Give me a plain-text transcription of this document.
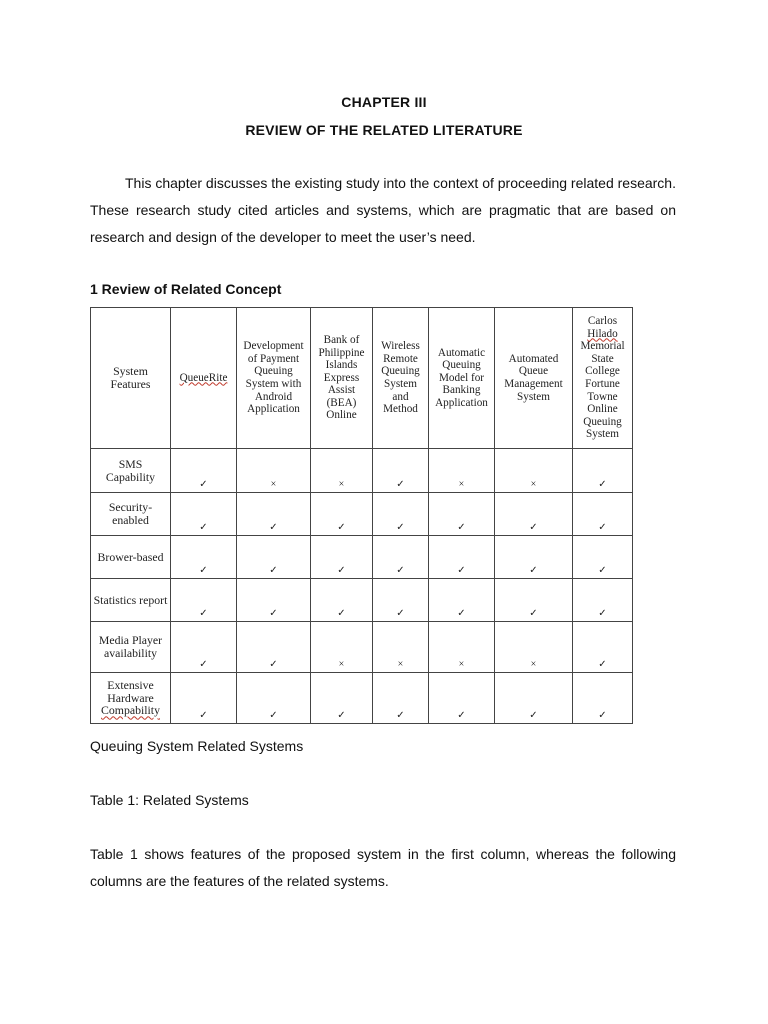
CHAPTER III
REVIEW OF THE RELATED LITERATURE

This chapter discusses the existing study into the context of proceeding related research. These research study cited articles and systems, which are pragmatic that are based on research and design of the developer to meet the user’s need.

1 Review of Related Concept
System Features	QueueRite	Development of Payment Queuing System with Android Application	Bank of Philippine Islands Express Assist (BEA) Online	Wireless Remote Queuing System and Method	Automatic Queuing Model for Banking Application	Automated Queue Management System	Carlos Hilado Memorial State College Fortune Towne Online Queuing System
SMS Capability	✓	×	×	✓	×	×	✓
Security-enabled	✓	✓	✓	✓	✓	✓	✓
Brower-based	✓	✓	✓	✓	✓	✓	✓
Statistics report	✓	✓	✓	✓	✓	✓	✓
Media Player availability	✓	✓	×	×	×	×	✓
Extensive Hardware Compability	✓	✓	✓	✓	✓	✓	✓
Queuing System Related Systems
Table 1: Related Systems

Table 1 shows features of the proposed system in the first column, whereas the following columns are the features of the related systems.
